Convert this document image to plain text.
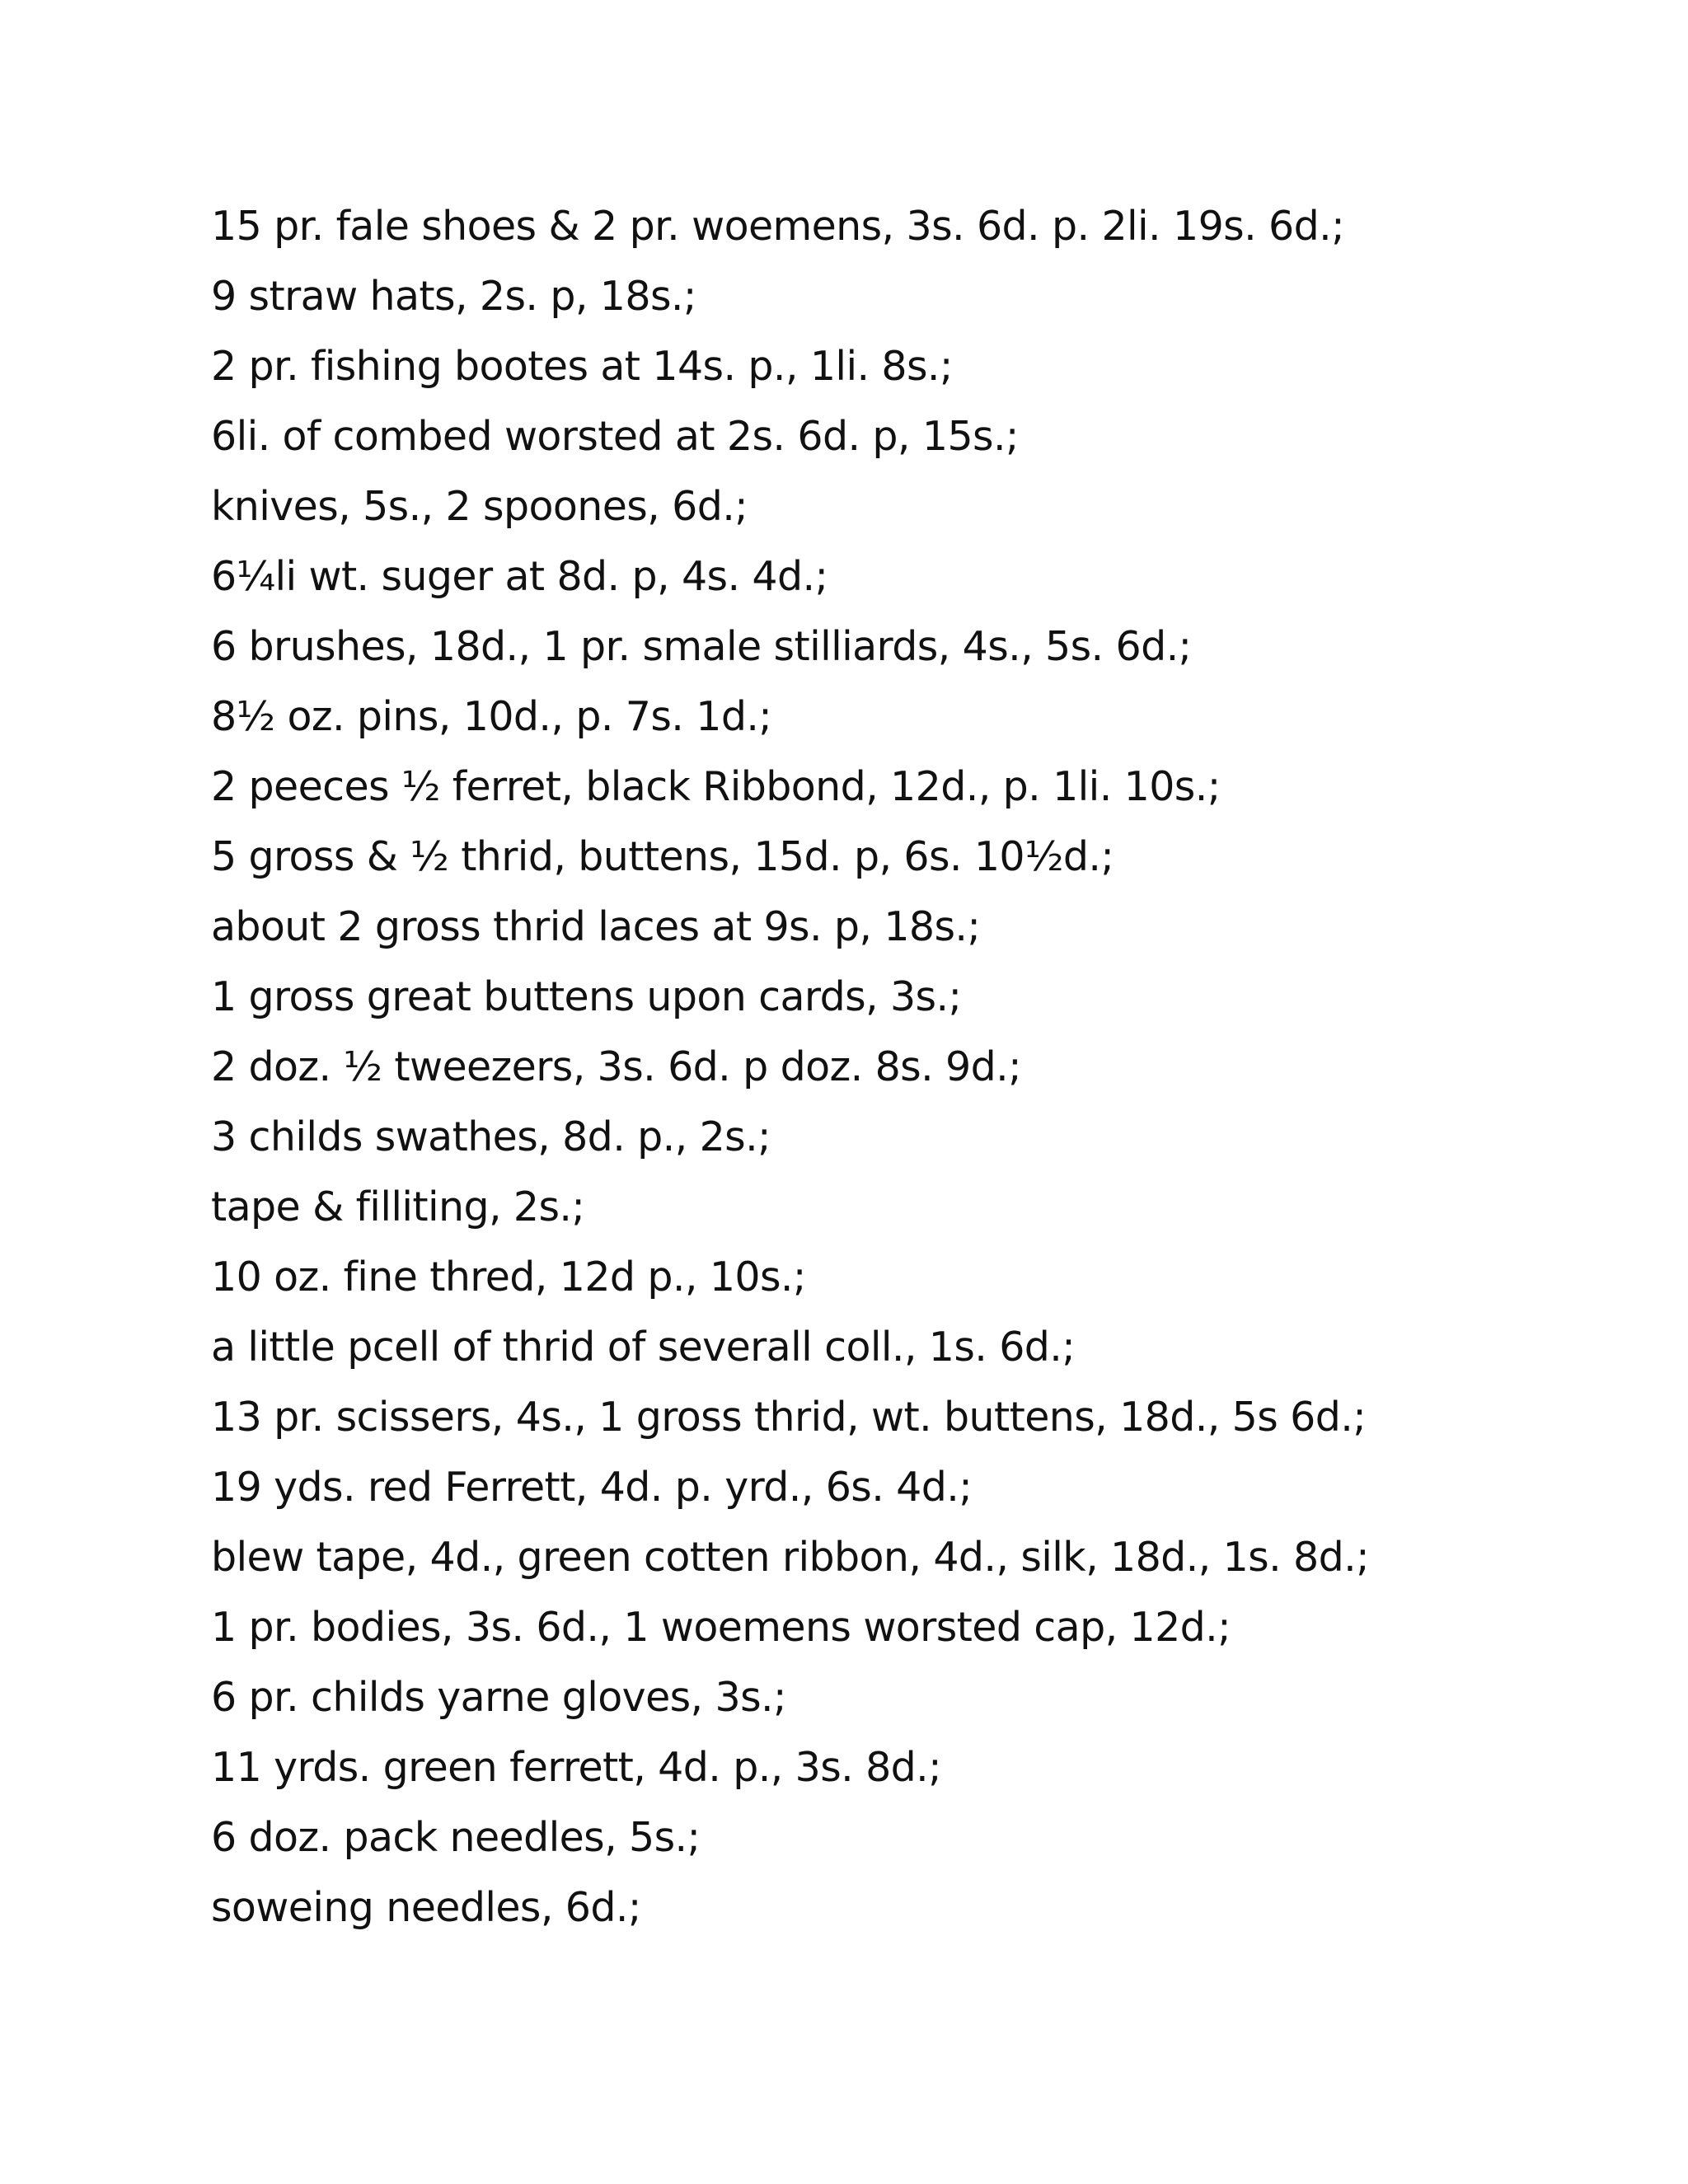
15 pr. fale shoes & 2 pr. woemens, 3s. 6d. p. 2li. 19s. 6d.;
9 straw hats, 2s. p, 18s.;
2 pr. fishing bootes at 14s. p., 1li. 8s.;
6li. of combed worsted at 2s. 6d. p, 15s.;
knives, 5s., 2 spoones, 6d.;
6¼li wt. suger at 8d. p, 4s. 4d.;
6 brushes, 18d., 1 pr. smale stilliards, 4s., 5s. 6d.;
8½ oz. pins, 10d., p. 7s. 1d.;
2 peeces ½ ferret, black Ribbond, 12d., p. 1li. 10s.;
5 gross & ½ thrid, buttens, 15d. p, 6s. 10½d.;
about 2 gross thrid laces at 9s. p, 18s.;
1 gross great buttens upon cards, 3s.;
2 doz. ½ tweezers, 3s. 6d. p doz. 8s. 9d.;
3 childs swathes, 8d. p., 2s.;
tape & filliting, 2s.;
10 oz. fine thred, 12d p., 10s.;
a little pcell of thrid of severall coll., 1s. 6d.;
13 pr. scissers, 4s., 1 gross thrid, wt. buttens, 18d., 5s 6d.;
19 yds. red Ferrett, 4d. p. yrd., 6s. 4d.;
blew tape, 4d., green cotten ribbon, 4d., silk, 18d., 1s. 8d.;
1 pr. bodies, 3s. 6d., 1 woemens worsted cap, 12d.;
6 pr. childs yarne gloves, 3s.;
11 yrds. green ferrett, 4d. p., 3s. 8d.;
6 doz. pack needles, 5s.;
soweing needles, 6d.;
